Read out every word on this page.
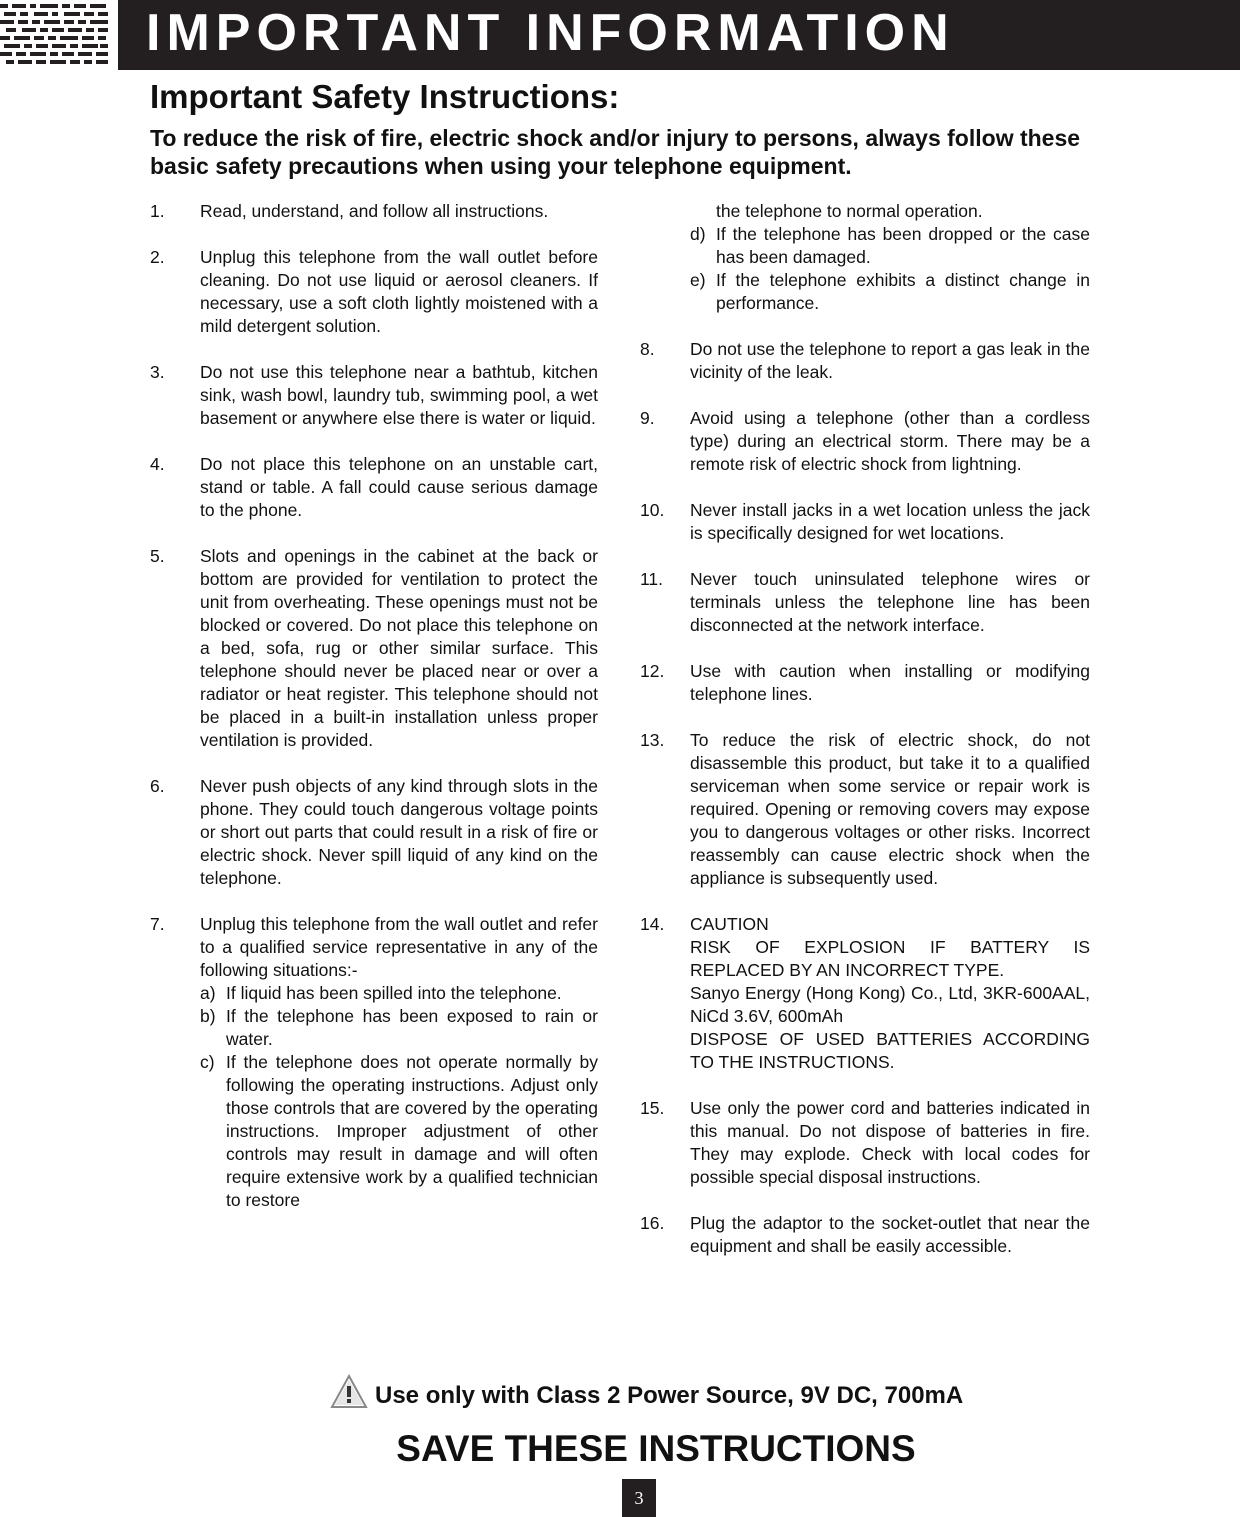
IMPORTANT INFORMATION
Important Safety Instructions:
To reduce the risk of fire, electric shock and/or injury to persons, always follow these basic safety precautions when using your telephone equipment.
1.	Read, understand, and follow all instructions.
2.	Unplug this telephone from the wall outlet before cleaning. Do not use liquid or aerosol cleaners. If necessary, use a soft cloth lightly moistened with a mild detergent solution.
3.	Do not use this telephone near a bathtub, kitchen sink, wash bowl, laundry tub, swimming pool, a wet basement or anywhere else there is water or liquid.
4.	Do not place this telephone on an unstable cart, stand or table. A fall could cause serious damage to the phone.
5.	Slots and openings in the cabinet at the back or bottom are provided for ventilation to protect the unit from overheating. These openings must not be blocked or covered. Do not place this telephone on a bed, sofa, rug or other similar surface. This telephone should never be placed near or over a radiator or heat register. This telephone should not be placed in a built-in installation unless proper ventilation is provided.
6.	Never push objects of any kind through slots in the phone. They could touch dangerous voltage points or short out parts that could result in a risk of fire or electric shock. Never spill liquid of any kind on the telephone.
7.	Unplug this telephone from the wall outlet and refer to a qualified service representative in any of the following situations:-
a) If liquid has been spilled into the telephone.
b) If the telephone has been exposed to rain or water.
c) If the telephone does not operate normally by following the operating instructions. Adjust only those controls that are covered by the operating instructions. Improper adjustment of other controls may result in damage and will often require extensive work by a qualified technician to restore
the telephone to normal operation.
d) If the telephone has been dropped or the case has been damaged.
e) If the telephone exhibits a distinct change in performance.
8.	Do not use the telephone to report a gas leak in the vicinity of the leak.
9.	Avoid using a telephone (other than a cordless type) during an electrical storm. There may be a remote risk of electric shock from lightning.
10.	Never install jacks in a wet location unless the jack is specifically designed for wet locations.
11.	Never touch uninsulated telephone wires or terminals unless the telephone line has been disconnected at the network interface.
12.	Use with caution when installing or modifying telephone lines.
13.	To reduce the risk of electric shock, do not disassemble this product, but take it to a qualified serviceman when some service or repair work is required. Opening or removing covers may expose you to dangerous voltages or other risks. Incorrect reassembly can cause electric shock when the appliance is subsequently used.
14.	CAUTION
RISK OF EXPLOSION IF BATTERY IS REPLACED BY AN INCORRECT TYPE.
Sanyo Energy (Hong Kong) Co., Ltd, 3KR-600AAL, NiCd 3.6V, 600mAh
DISPOSE OF USED BATTERIES ACCORDING TO THE INSTRUCTIONS.
15.	Use only the power cord and batteries indicated in this manual. Do not dispose of batteries in fire. They may explode. Check with local codes for possible special disposal instructions.
16.	Plug the adaptor to the socket-outlet that near the equipment and shall be easily accessible.
Use only with Class 2 Power Source, 9V DC, 700mA
SAVE THESE INSTRUCTIONS
3
